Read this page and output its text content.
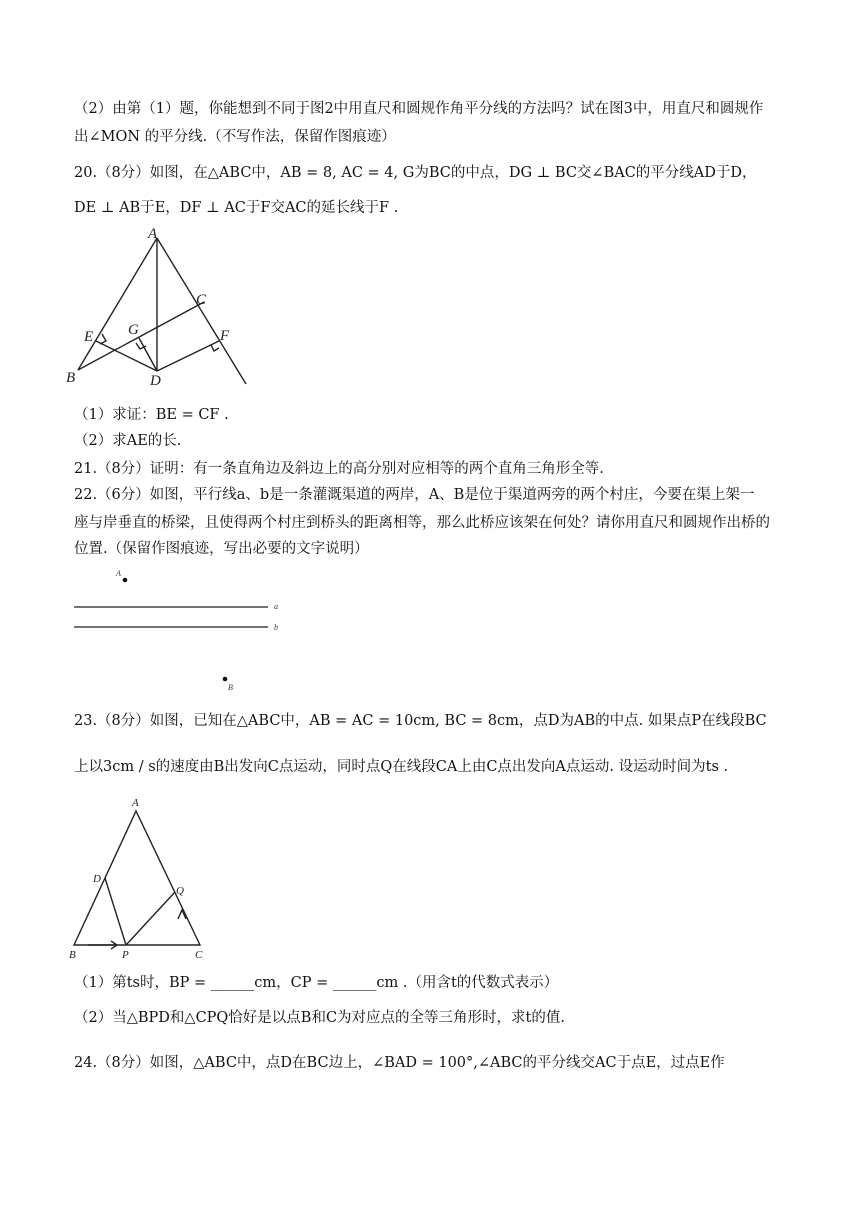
（2）由第（1）题，你能想到不同于图2中用直尺和圆规作角平分线的方法吗？试在图3中，用直尺和圆规作
出∠MON 的平分线.（不写作法，保留作图痕迹）
20.（8分）如图，在△ABC中，AB = 8, AC = 4, G为BC的中点，DG ⊥ BC交∠BAC的平分线AD于D，
DE ⊥ AB于E，DF ⊥ AC于F交AC的延长线于F .
A
B
C
D
E	F
G
（1）求证：BE = CF .
（2）求AE的长.
21.（8分）证明：有一条直角边及斜边上的高分别对应相等的两个直角三角形全等.
22.（6分）如图，平行线a、b是一条灌溉渠道的两岸，A、B是位于渠道两旁的两个村庄，今要在渠上架一
座与岸垂直的桥梁，且使得两个村庄到桥头的距离相等，那么此桥应该架在何处？请你用直尺和圆规作出桥的
位置.（保留作图痕迹，写出必要的文字说明）
A
B
a
b
23.（8分）如图，已知在△ABC中，AB = AC = 10cm, BC = 8cm，点D为AB的中点. 如果点P在线段BC
上以3cm / s的速度由B出发向C点运动，同时点Q在线段CA上由C点出发向A点运动. 设运动时间为ts .
A
B	C
D
P
Q
（1）第ts时，BP = ______cm，CP = ______cm .（用含t的代数式表示）
（2）当△BPD和△CPQ恰好是以点B和C为对应点的全等三角形时，求t的值.
24.（8分）如图，△ABC中，点D在BC边上，∠BAD = 100°,∠ABC的平分线交AC于点E，过点E作
